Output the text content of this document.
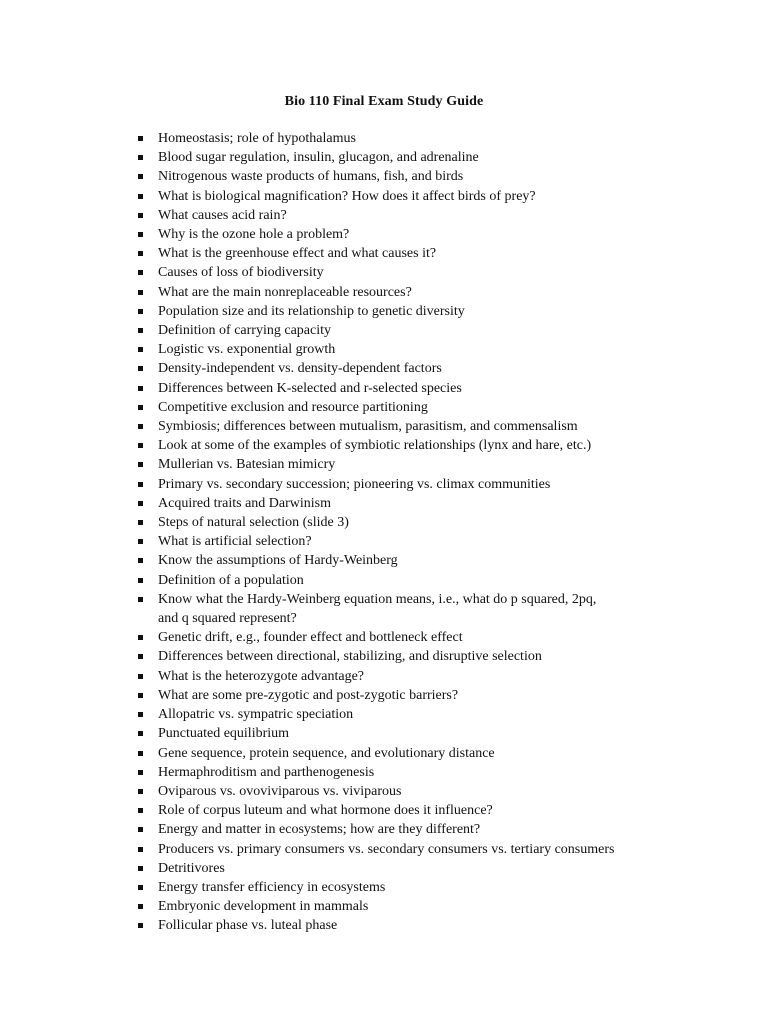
Bio 110 Final Exam Study Guide
Homeostasis; role of hypothalamus
Blood sugar regulation, insulin, glucagon, and adrenaline
Nitrogenous waste products of humans, fish, and birds
What is biological magnification? How does it affect birds of prey?
What causes acid rain?
Why is the ozone hole a problem?
What is the greenhouse effect and what causes it?
Causes of loss of biodiversity
What are the main nonreplaceable resources?
Population size and its relationship to genetic diversity
Definition of carrying capacity
Logistic vs. exponential growth
Density-independent vs. density-dependent factors
Differences between K-selected and r-selected species
Competitive exclusion and resource partitioning
Symbiosis; differences between mutualism, parasitism, and commensalism
Look at some of the examples of symbiotic relationships (lynx and hare, etc.)
Mullerian vs. Batesian mimicry
Primary vs. secondary succession; pioneering vs. climax communities
Acquired traits and Darwinism
Steps of natural selection (slide 3)
What is artificial selection?
Know the assumptions of Hardy-Weinberg
Definition of a population
Know what the Hardy-Weinberg equation means, i.e., what do p squared, 2pq,
and q squared represent?
Genetic drift, e.g., founder effect and bottleneck effect
Differences between directional, stabilizing, and disruptive selection
What is the heterozygote advantage?
What are some pre-zygotic and post-zygotic barriers?
Allopatric vs. sympatric speciation
Punctuated equilibrium
Gene sequence, protein sequence, and evolutionary distance
Hermaphroditism and parthenogenesis
Oviparous vs. ovoviviparous vs. viviparous
Role of corpus luteum and what hormone does it influence?
Energy and matter in ecosystems; how are they different?
Producers vs. primary consumers vs. secondary consumers vs. tertiary consumers
Detritivores
Energy transfer efficiency in ecosystems
Embryonic development in mammals
Follicular phase vs. luteal phase
